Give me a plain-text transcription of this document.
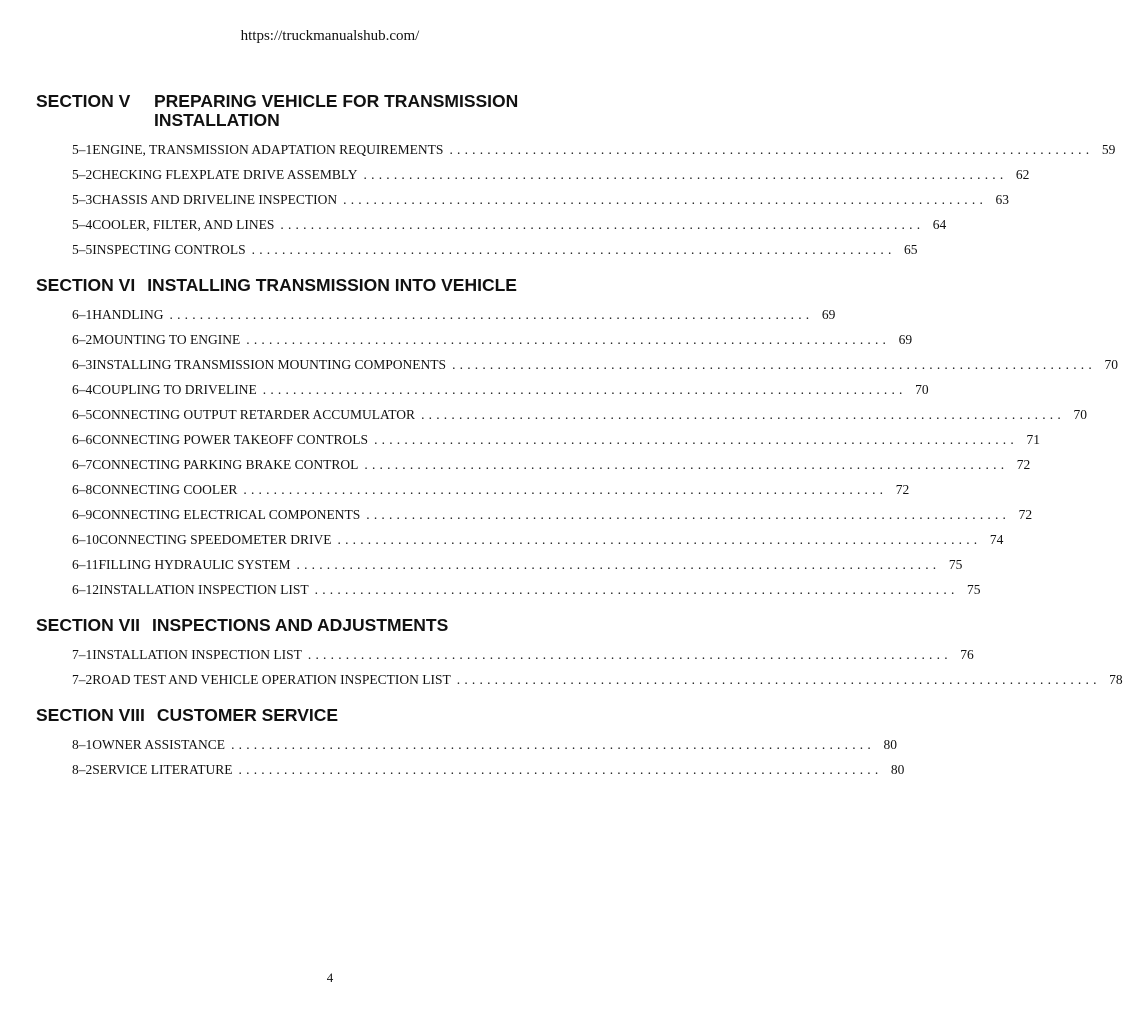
https://truckmanualshub.com/
SECTION V	PREPARING VEHICLE FOR TRANSMISSION
INSTALLATION
5–1 ENGINE, TRANSMISSION ADAPTATION REQUIREMENTS ..................................................................................... 59
5–2 CHECKING FLEXPLATE DRIVE ASSEMBLY ..................................................................................... 62
5–3 CHASSIS AND DRIVELINE INSPECTION ..................................................................................... 63
5–4 COOLER, FILTER, AND LINES ..................................................................................... 64
5–5 INSPECTING CONTROLS ..................................................................................... 65
SECTION VI INSTALLING TRANSMISSION INTO VEHICLE
6–1 HANDLING ..................................................................................... 69
6–2 MOUNTING TO ENGINE ..................................................................................... 69
6–3 INSTALLING TRANSMISSION MOUNTING COMPONENTS ..................................................................................... 70
6–4 COUPLING TO DRIVELINE ..................................................................................... 70
6–5 CONNECTING OUTPUT RETARDER ACCUMULATOR ..................................................................................... 70
6–6 CONNECTING POWER TAKEOFF CONTROLS ..................................................................................... 71
6–7 CONNECTING PARKING BRAKE CONTROL ..................................................................................... 72
6–8 CONNECTING COOLER ..................................................................................... 72
6–9 CONNECTING ELECTRICAL COMPONENTS ..................................................................................... 72
6–10 CONNECTING SPEEDOMETER DRIVE ..................................................................................... 74
6–11 FILLING HYDRAULIC SYSTEM ..................................................................................... 75
6–12 INSTALLATION INSPECTION LIST ..................................................................................... 75
SECTION VII INSPECTIONS AND ADJUSTMENTS
7–1 INSTALLATION INSPECTION LIST ..................................................................................... 76
7–2 ROAD TEST AND VEHICLE OPERATION INSPECTION LIST ..................................................................................... 78
SECTION VIII CUSTOMER SERVICE
8–1 OWNER ASSISTANCE ..................................................................................... 80
8–2 SERVICE LITERATURE ..................................................................................... 80
4
